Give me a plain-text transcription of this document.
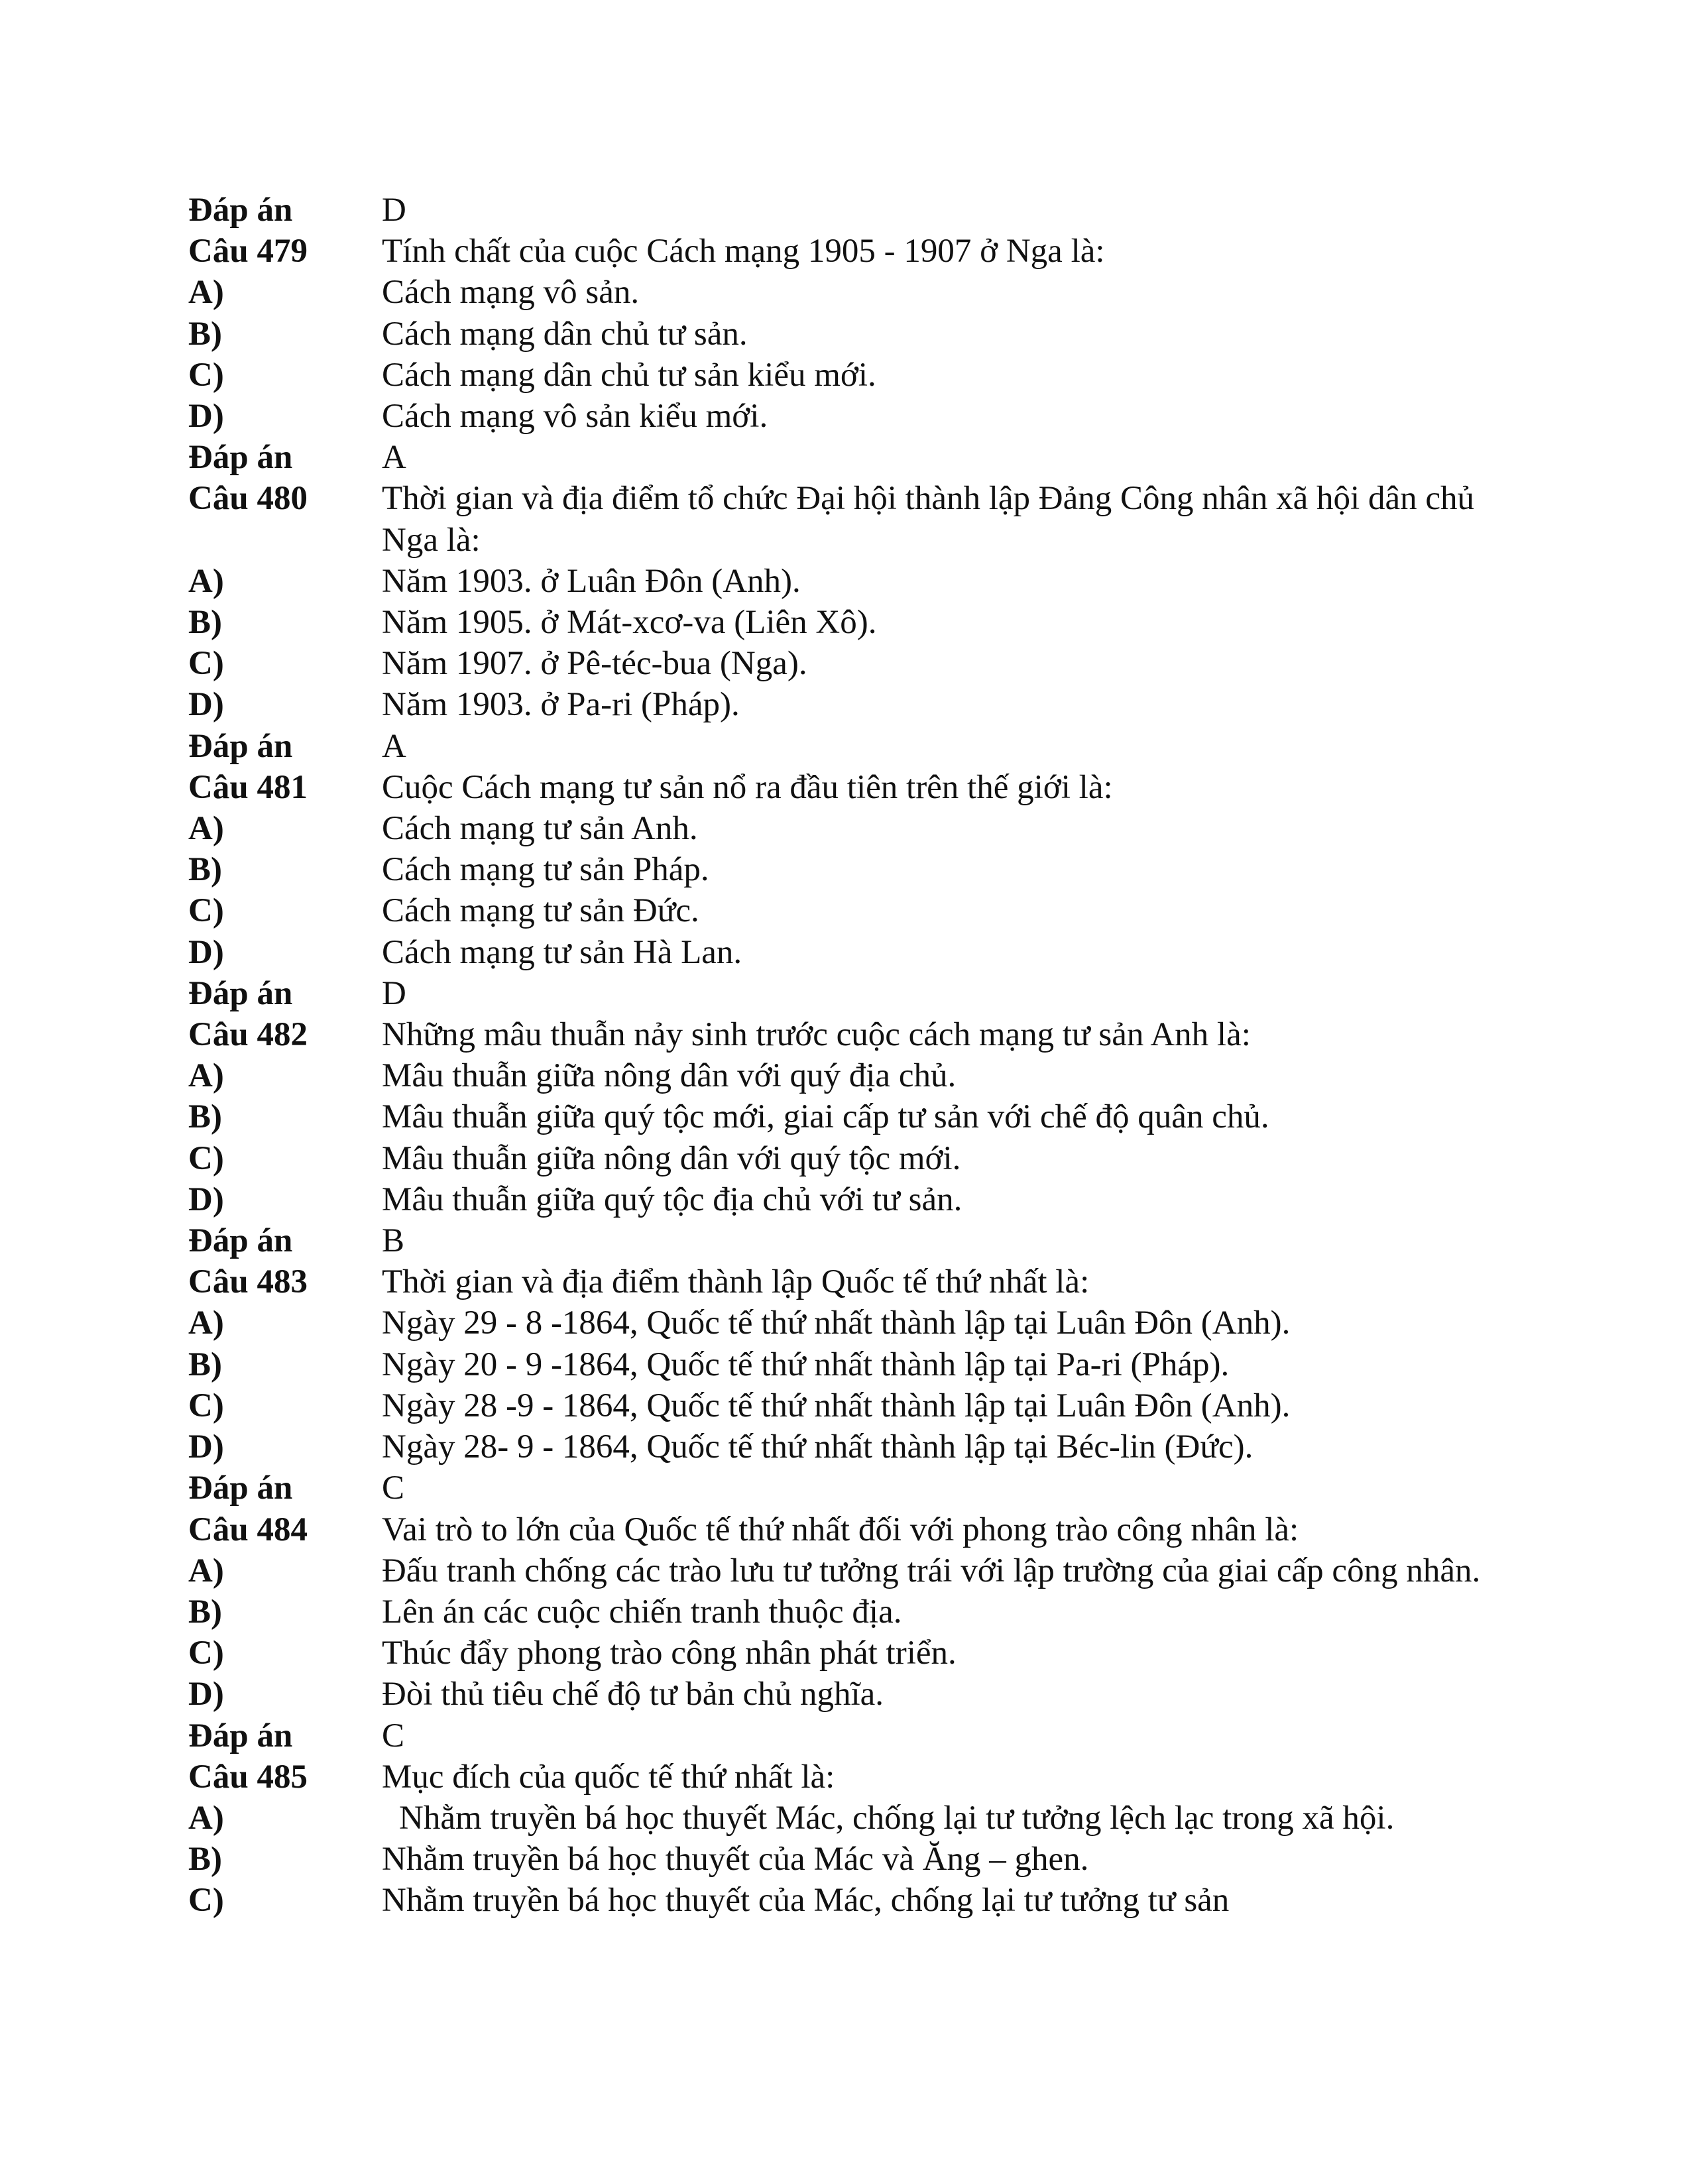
Đáp án	D
Câu 479	Tính chất của cuộc Cách mạng 1905 - 1907 ở Nga là:
A)	Cách mạng vô sản.
B)	Cách mạng dân chủ tư sản.
C)	Cách mạng dân chủ tư sản kiểu mới.
D)	Cách mạng vô sản kiểu mới.
Đáp án	A
Câu 480	Thời gian và địa điểm tổ chức Đại hội thành lập Đảng Công nhân xã hội dân chủ Nga là:
A)	Năm 1903. ở Luân Đôn (Anh).
B)	Năm 1905. ở Mát-xcơ-va (Liên Xô).
C)	Năm 1907. ở Pê-téc-bua (Nga).
D)	Năm 1903. ở Pa-ri (Pháp).
Đáp án	A
Câu 481	Cuộc Cách mạng tư sản nổ ra đầu tiên trên thế giới là:
A)	Cách mạng tư sản Anh.
B)	Cách mạng tư sản Pháp.
C)	Cách mạng tư sản Đức.
D)	Cách mạng tư sản Hà Lan.
Đáp án	D
Câu 482	Những mâu thuẫn nảy sinh trước cuộc cách mạng tư sản Anh là:
A)	Mâu thuẫn giữa nông dân với quý địa chủ.
B)	Mâu thuẫn giữa quý tộc mới, giai cấp tư sản với chế độ quân chủ.
C)	Mâu thuẫn giữa nông dân với quý tộc mới.
D)	Mâu thuẫn giữa quý tộc địa chủ với tư sản.
Đáp án	B
Câu 483	Thời gian và địa điểm thành lập Quốc tế thứ nhất là:
A)	Ngày 29 - 8 -1864, Quốc tế thứ nhất thành lập tại Luân Đôn (Anh).
B)	Ngày 20 - 9 -1864, Quốc tế thứ nhất thành lập tại Pa-ri (Pháp).
C)	Ngày 28 -9 - 1864, Quốc tế thứ nhất thành lập tại Luân Đôn (Anh).
D)	Ngày 28- 9 - 1864, Quốc tế thứ nhất thành lập tại Béc-lin (Đức).
Đáp án	C
Câu 484	Vai trò to lớn của Quốc tế thứ nhất đối với phong trào công nhân là:
A)	Đấu tranh chống các trào lưu tư tưởng trái với lập trường của giai cấp công nhân.
B)	Lên án các cuộc chiến tranh thuộc địa.
C)	Thúc đẩy phong trào công nhân phát triển.
D)	Đòi thủ tiêu chế độ tư bản chủ nghĩa.
Đáp án	C
Câu 485	Mục đích của quốc tế thứ nhất là:
A)	Nhằm truyền bá học thuyết Mác, chống lại tư tưởng lệch lạc trong xã hội.
B)	Nhằm truyền bá học thuyết của Mác và Ăng – ghen.
C)	Nhằm truyền bá học thuyết của Mác, chống lại tư tưởng tư sản
